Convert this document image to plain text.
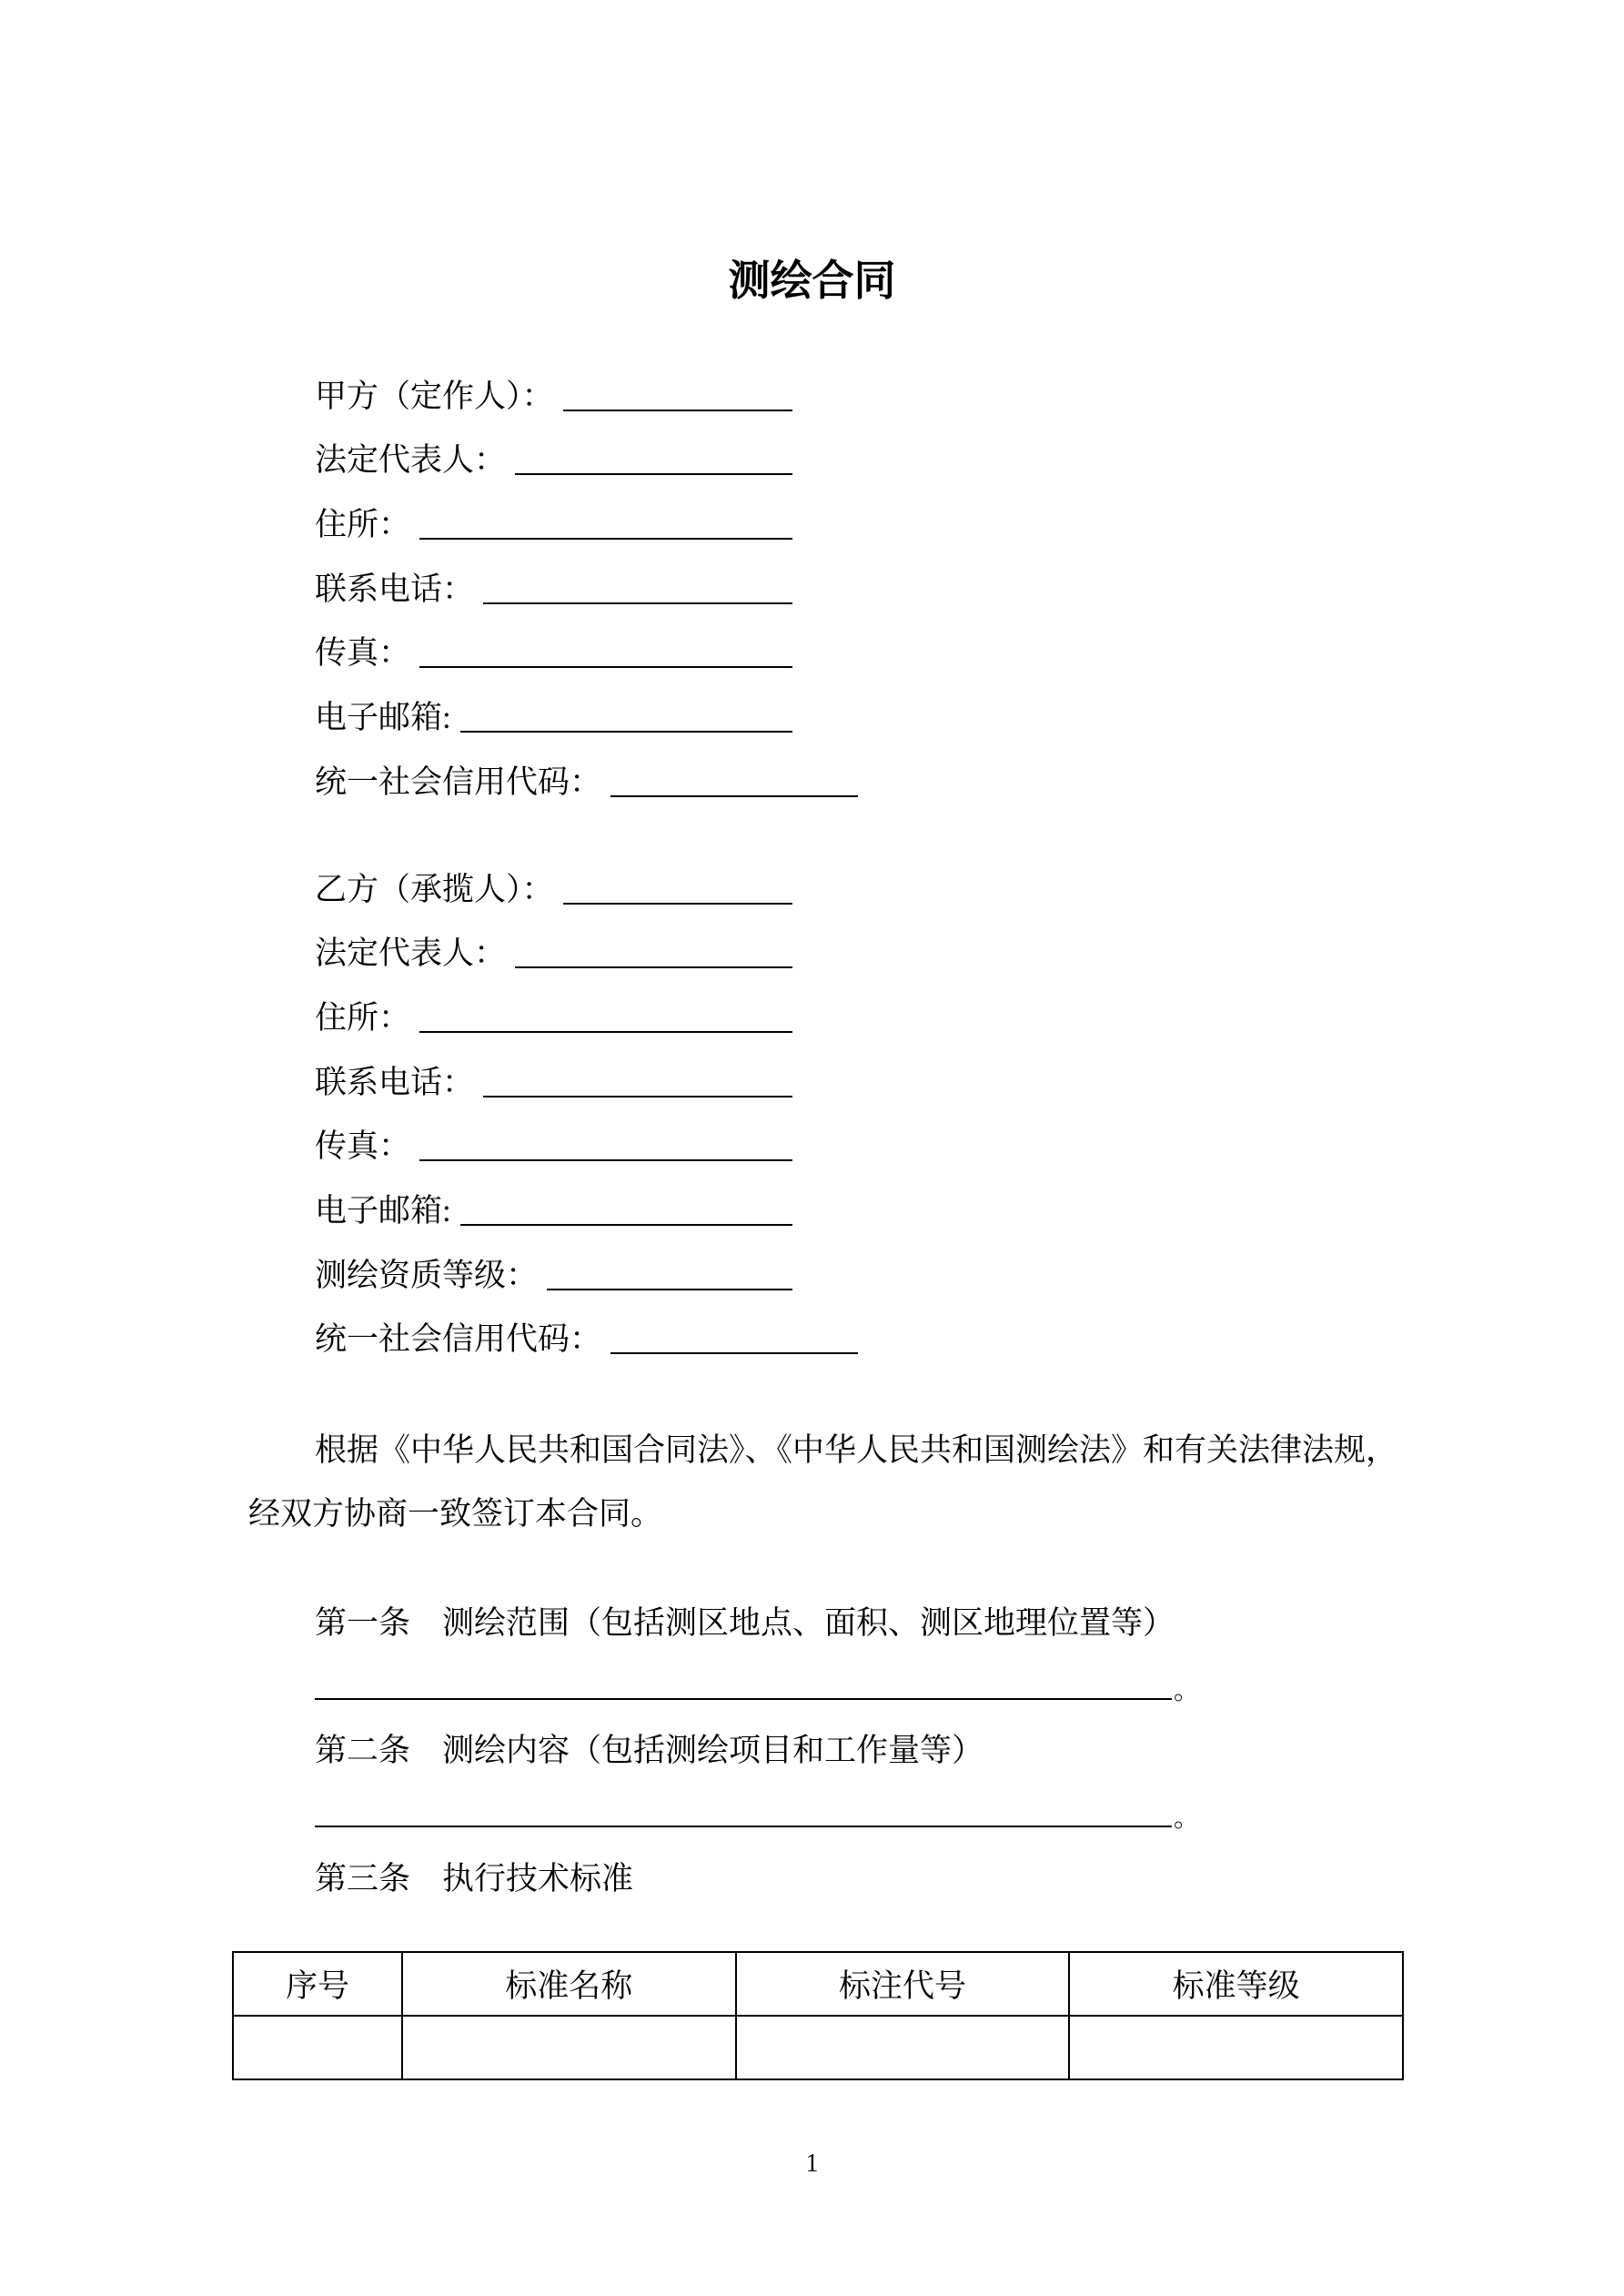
测绘合同
甲方（定作人）：
法定代表人：
住所：
联系电话：
传真：
电子邮箱:
统一社会信用代码：
乙方（承揽人）：
法定代表人：
住所：
联系电话：
传真：
电子邮箱:
测绘资质等级：
统一社会信用代码：
根据《中华人民共和国合同法》、《中华人民共和国测绘法》和有关法律法规，
经双方协商一致签订本合同。
第一条　测绘范围（包括测区地点、面积、测区地理位置等）
。
第二条　测绘内容（包括测绘项目和工作量等）
。
第三条　执行技术标准
序号	标准名称	标注代号	标准等级

1
